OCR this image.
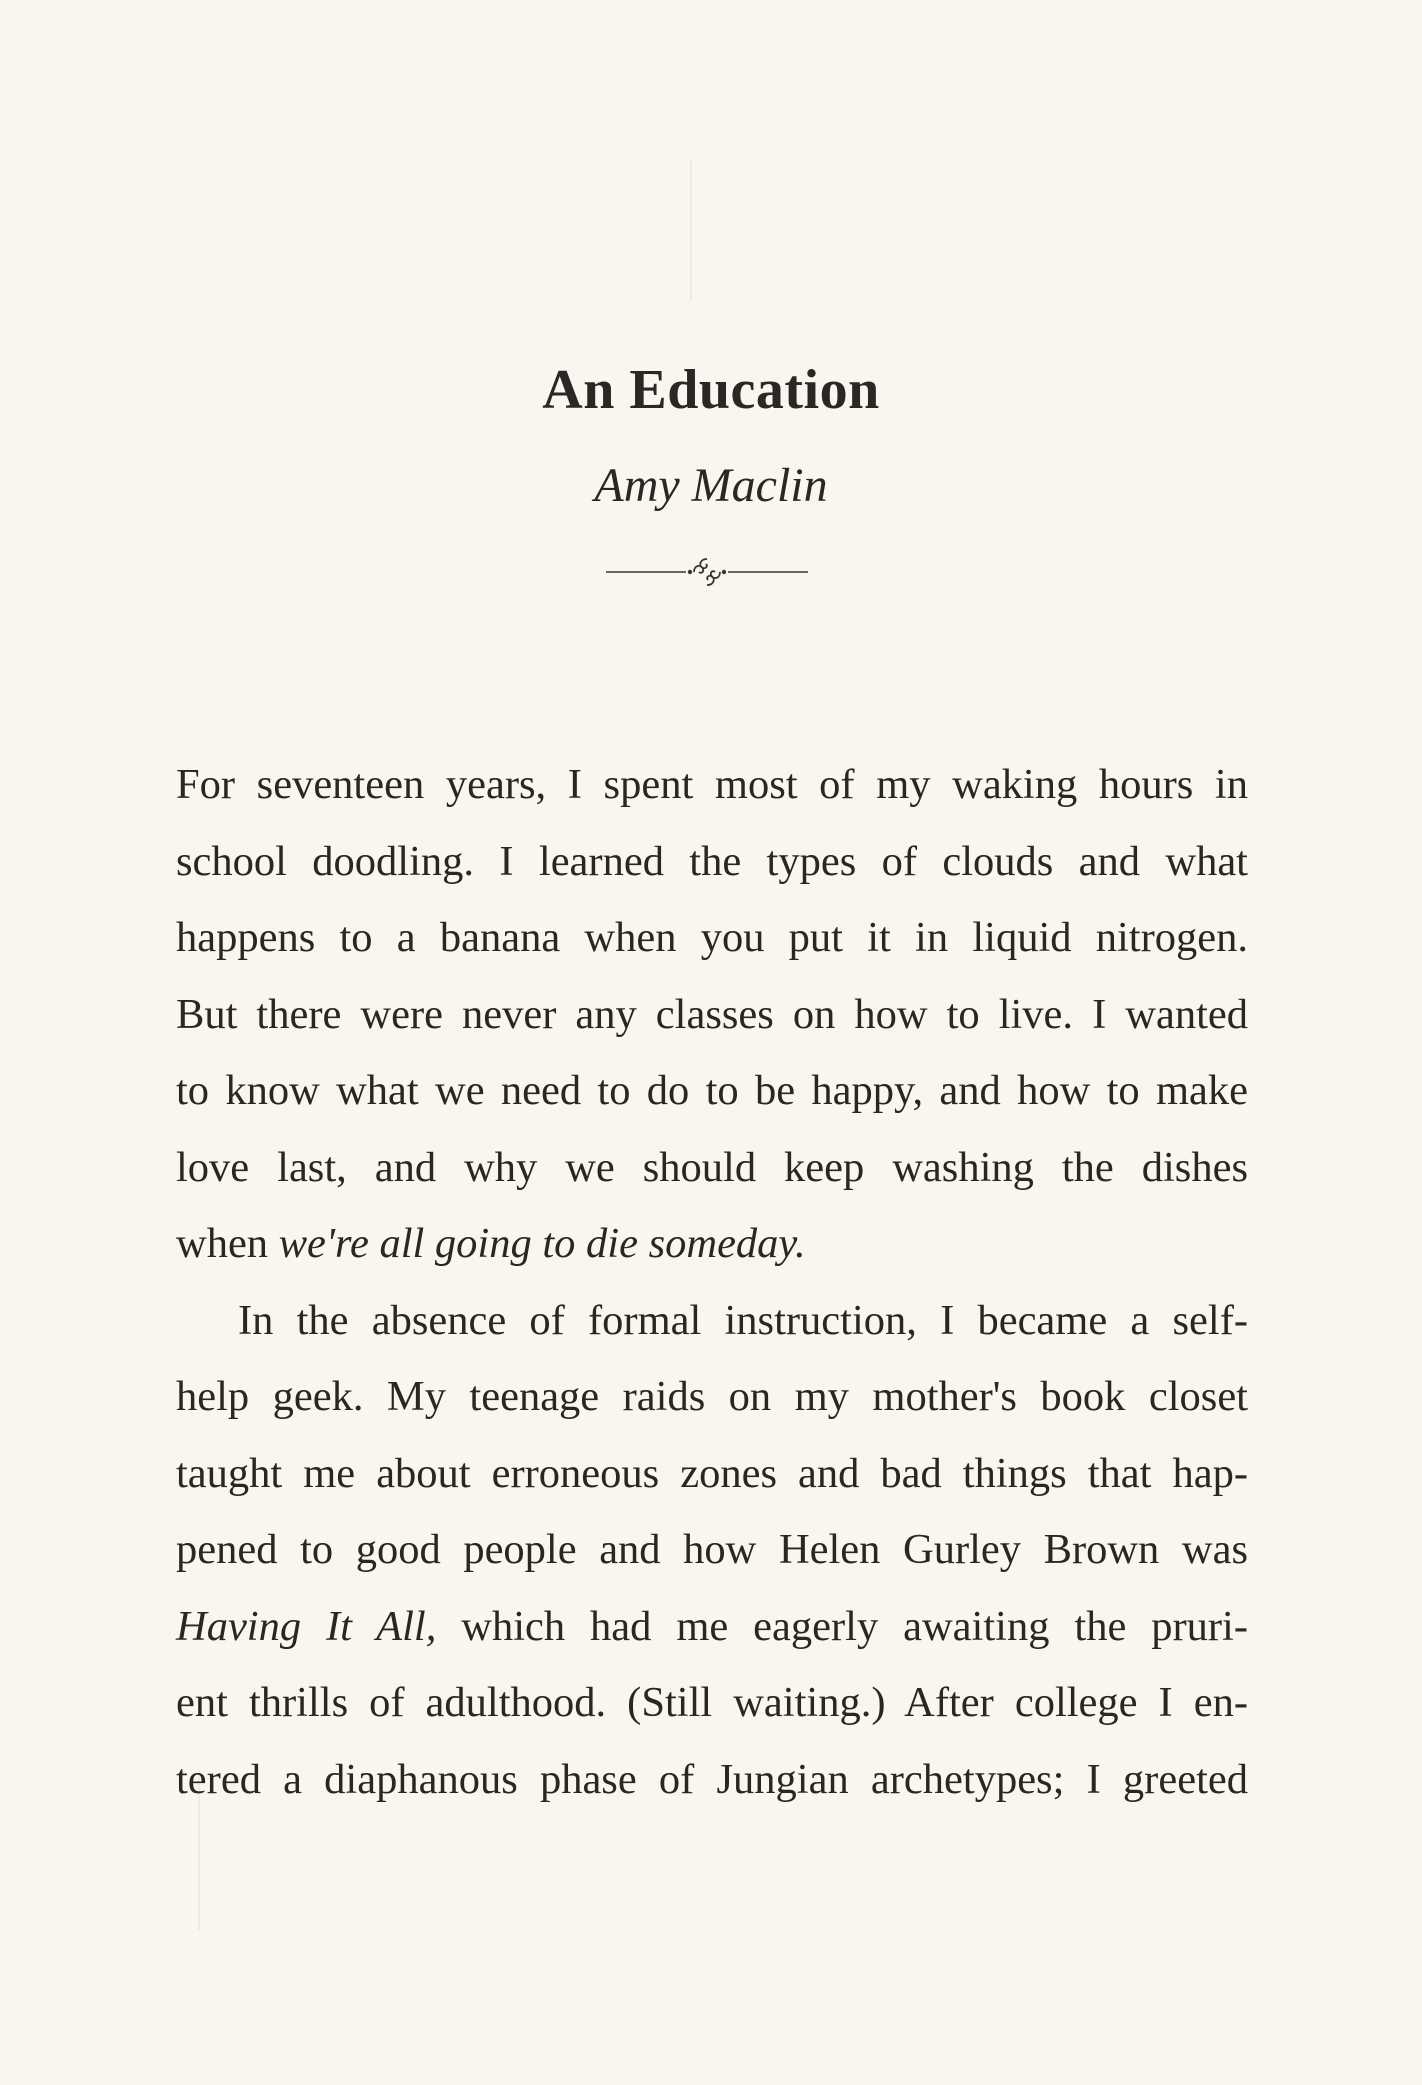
An Education
Amy Maclin

For seventeen years, I spent most of my waking hours in
school doodling. I learned the types of clouds and what
happens to a banana when you put it in liquid nitrogen.
But there were never any classes on how to live. I wanted
to know what we need to do to be happy, and how to make
love last, and why we should keep washing the dishes
when we're all going to die someday.

In the absence of formal instruction, I became a self-
help geek. My teenage raids on my mother's book closet
taught me about erroneous zones and bad things that hap-
pened to good people and how Helen Gurley Brown was
Having It All, which had me eagerly awaiting the pruri-
ent thrills of adulthood. (Still waiting.) After college I en-
tered a diaphanous phase of Jungian archetypes; I greeted
